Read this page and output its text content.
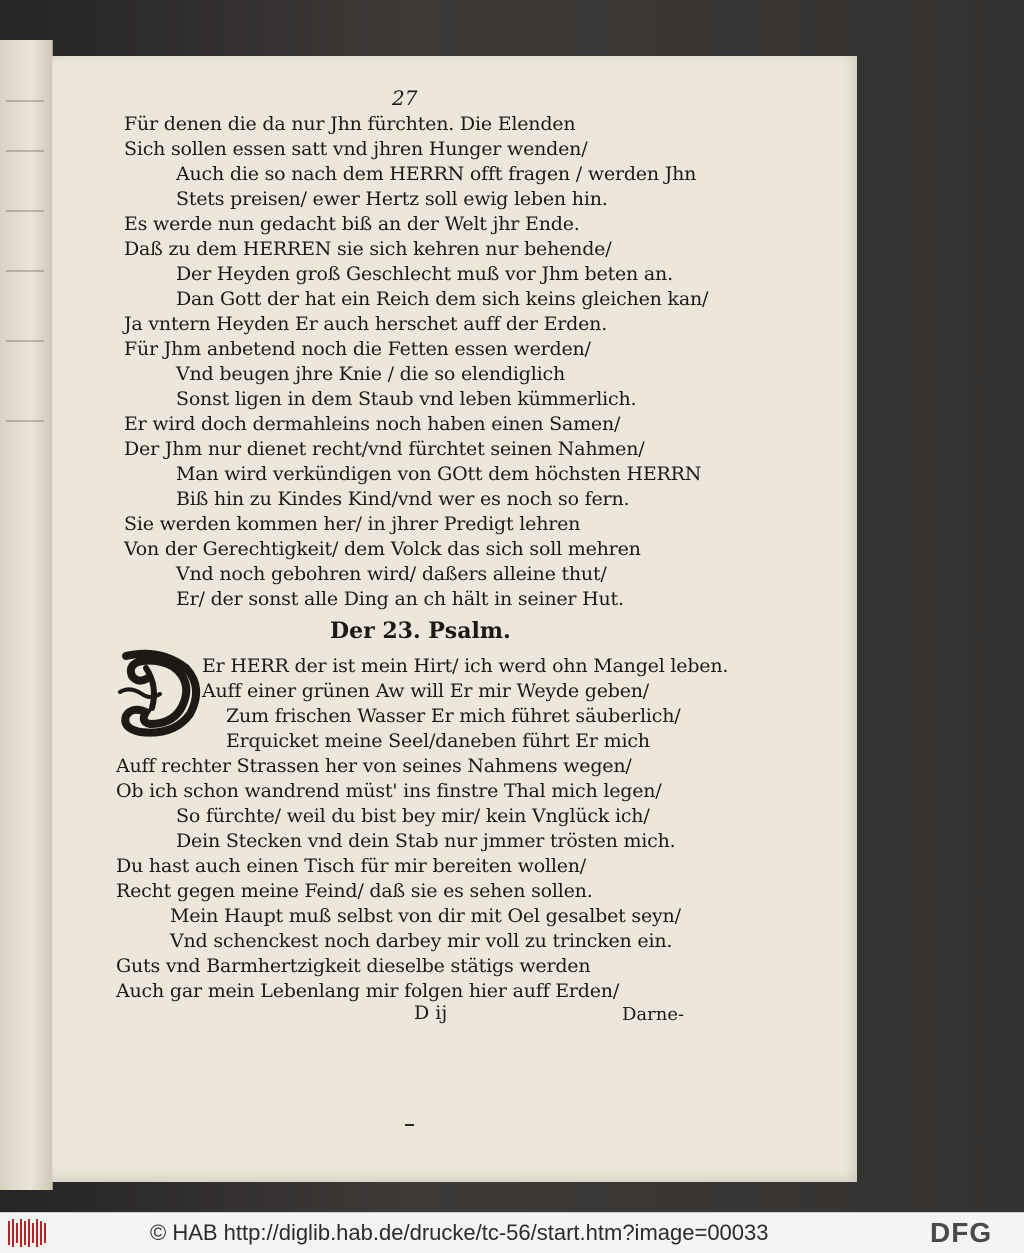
27
Für denen die da nur Jhn fürchten. Die Elenden
Sich sollen essen satt vnd jhren Hunger wenden/
Auch die so nach dem HERRN offt fragen / werden Jhn
Stets preisen/ ewer Hertz soll ewig leben hin.
Es werde nun gedacht biß an der Welt jhr Ende.
Daß zu dem HERREN sie sich kehren nur behende/
Der Heyden groß Geschlecht muß vor Jhm beten an.
Dan Gott der hat ein Reich dem sich keins gleichen kan/
Ja vntern Heyden Er auch herschet auff der Erden.
Für Jhm anbetend noch die Fetten essen werden/
Vnd beugen jhre Knie / die so elendiglich
Sonst ligen in dem Staub vnd leben kümmerlich.
Er wird doch dermahleins noch haben einen Samen/
Der Jhm nur dienet recht/vnd fürchtet seinen Nahmen/
Man wird verkündigen von GOtt dem höchsten HERRN
Biß hin zu Kindes Kind/vnd wer es noch so fern.
Sie werden kommen her/ in jhrer Predigt lehren
Von der Gerechtigkeit/ dem Volck das sich soll mehren
Vnd noch gebohren wird/ daßers alleine thut/
Er/ der sonst alle Ding an ch hält in seiner Hut.
Der 23. Psalm.
Er HERR der ist mein Hirt/ ich werd ohn Mangel leben.
Auff einer grünen Aw will Er mir Weyde geben/
Zum frischen Wasser Er mich führet säuberlich/
Erquicket meine Seel/daneben führt Er mich
Auff rechter Strassen her von seines Nahmens wegen/
Ob ich schon wandrend müst' ins finstre Thal mich legen/
So fürchte/ weil du bist bey mir/ kein Vnglück ich/
Dein Stecken vnd dein Stab nur jmmer trösten mich.
Du hast auch einen Tisch für mir bereiten wollen/
Recht gegen meine Feind/ daß sie es sehen sollen.
Mein Haupt muß selbst von dir mit Oel gesalbet seyn/
Vnd schenckest noch darbey mir voll zu trincken ein.
Guts vnd Barmhertzigkeit dieselbe stätigs werden
Auch gar mein Lebenlang mir folgen hier auff Erden/
D ij	Darne-
© HAB http://diglib.hab.de/drucke/tc-56/start.htm?image=00033	DFG
